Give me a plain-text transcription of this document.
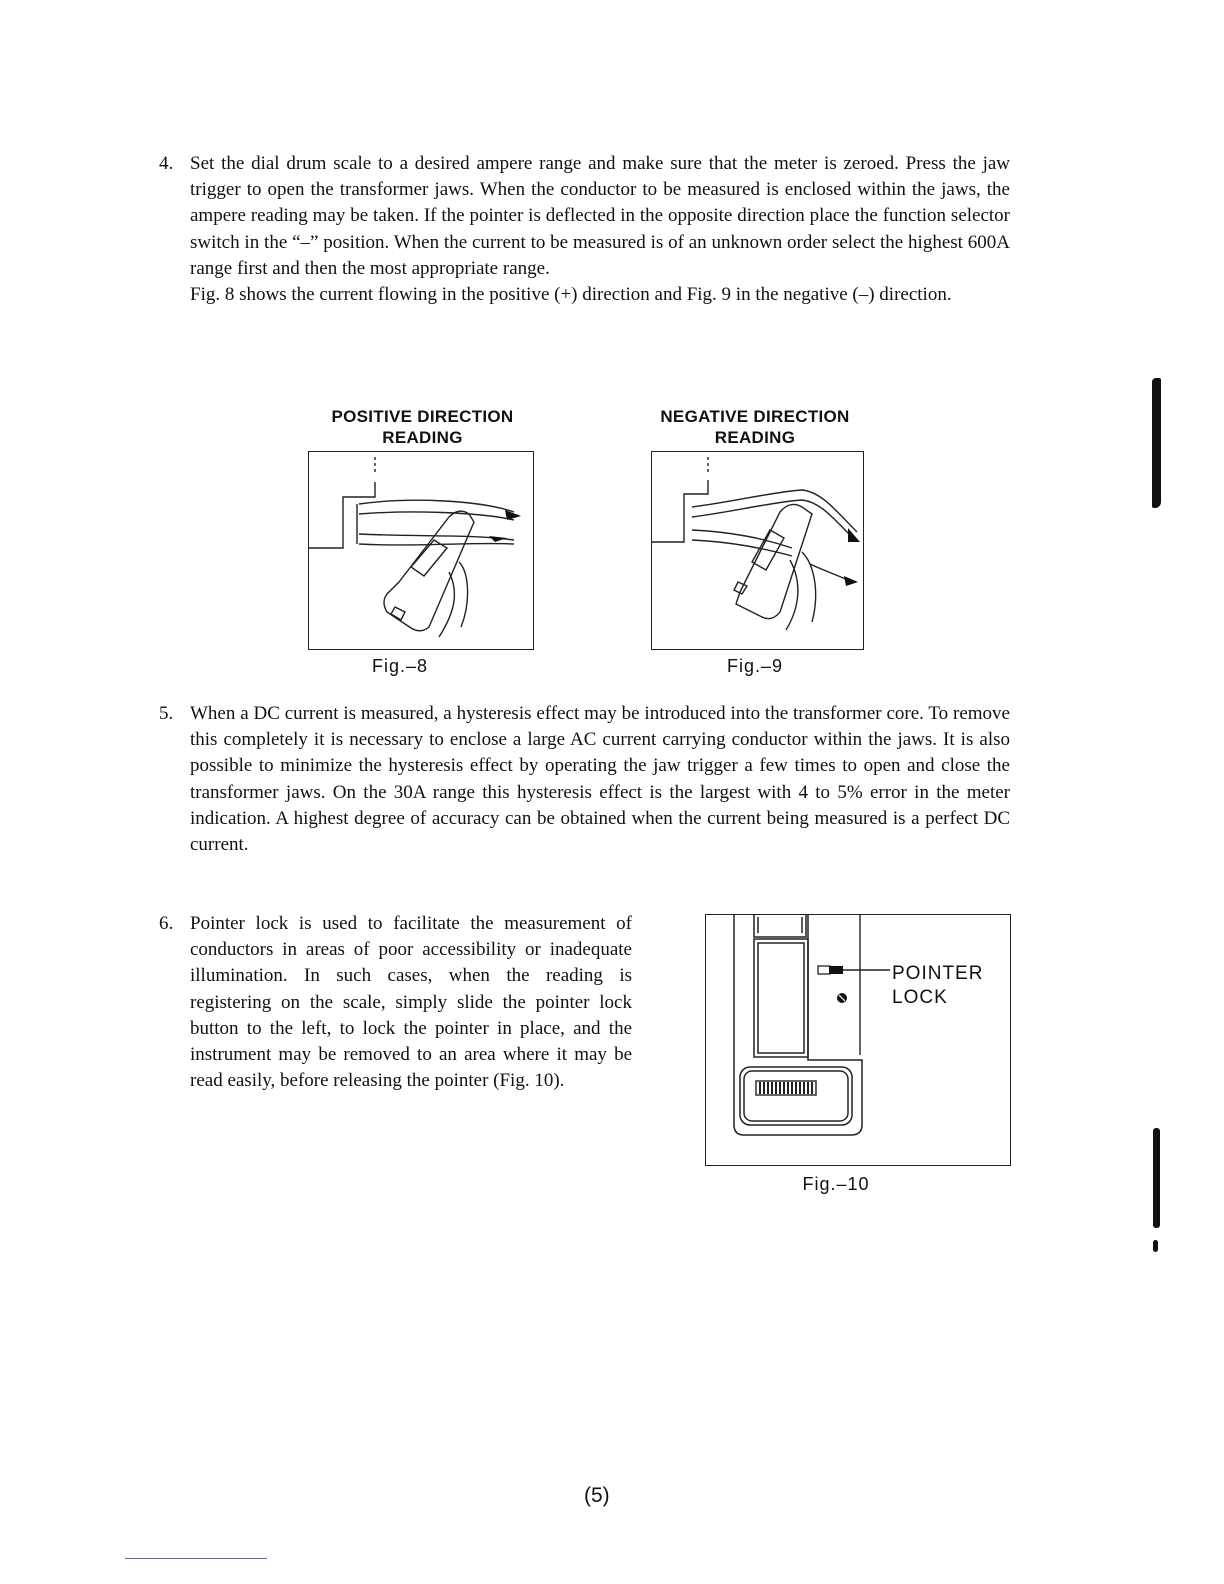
4. Set the dial drum scale to a desired ampere range and make sure that the meter is zeroed. Press the jaw trigger to open the transformer jaws. When the conductor to be measured is enclosed within the jaws, the ampere reading may be taken. If the pointer is deflected in the opposite direction place the function selector switch in the “–” position. When the current to be measured is of an unknown order select the highest 600A range first and then the most appropriate range.

Fig. 8 shows the current flowing in the positive (+) direction and Fig. 9 in the negative (–) direction.

POSITIVE DIRECTION
READING
Fig.–8
NEGATIVE DIRECTION
READING
Fig.–9
5. When a DC current is measured, a hysteresis effect may be introduced into the transformer core. To remove this completely it is necessary to enclose a large AC current carrying conductor within the jaws. It is also possible to minimize the hysteresis effect by operating the jaw trigger a few times to open and close the transformer jaws. On the 30A range this hysteresis effect is the largest with 4 to 5% error in the meter indication. A highest degree of accuracy can be obtained when the current being measured is a perfect DC current.

6. Pointer lock is used to facilitate the measurement of conductors in areas of poor accessibility or inadequate illumination. In such cases, when the reading is registering on the scale, simply slide the pointer lock button to the left, to lock the pointer in place, and the instrument may be removed to an area where it may be read easily, before releasing the pointer (Fig. 10).

POINTER
LOCK
Fig.–10
(5)
